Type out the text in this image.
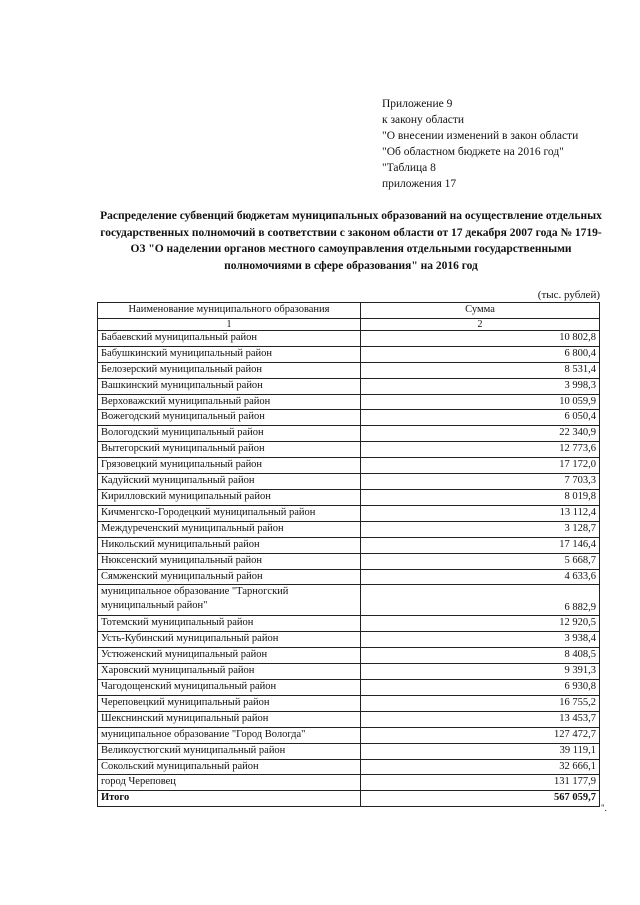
Приложение 9
к закону области
"О внесении изменений в закон области
"Об областном бюджете на 2016 год"
"Таблица 8
приложения 17
Распределение субвенций бюджетам муниципальных образований на осуществление отдельных государственных полномочий в соответствии с законом области от 17 декабря 2007 года № 1719-ОЗ "О наделении органов местного самоуправления отдельными государственными полномочиями в сфере образования" на 2016 год
(тыс. рублей)
Наименование муниципального образования	Сумма
1	2
Бабаевский муниципальный район	10 802,8
Бабушкинский муниципальный район	6 800,4
Белозерский муниципальный район	8 531,4
Вашкинский муниципальный район	3 998,3
Верховажский муниципальный район	10 059,9
Вожегодский муниципальный район	6 050,4
Вологодский муниципальный район	22 340,9
Вытегорский муниципальный район	12 773,6
Грязовецкий муниципальный район	17 172,0
Кадуйский муниципальный район	7 703,3
Кирилловский муниципальный район	8 019,8
Кичменгско-Городецкий муниципальный район	13 112,4
Междуреченский муниципальный район	3 128,7
Никольский муниципальный район	17 146,4
Нюксенский муниципальный район	5 668,7
Сямженский муниципальный район	4 633,6
муниципальное образование "Тарногский муниципальный район"	6 882,9
Тотемский муниципальный район	12 920,5
Усть-Кубинский муниципальный район	3 938,4
Устюженский муниципальный район	8 408,5
Харовский муниципальный район	9 391,3
Чагодощенский муниципальный район	6 930,8
Череповецкий муниципальный район	16 755,2
Шекснинский муниципальный район	13 453,7
муниципальное образование "Город Вологда"	127 472,7
Великоустюгский муниципальный район	39 119,1
Сокольский муниципальный район	32 666,1
город Череповец	131 177,9
Итого	567 059,7
".
